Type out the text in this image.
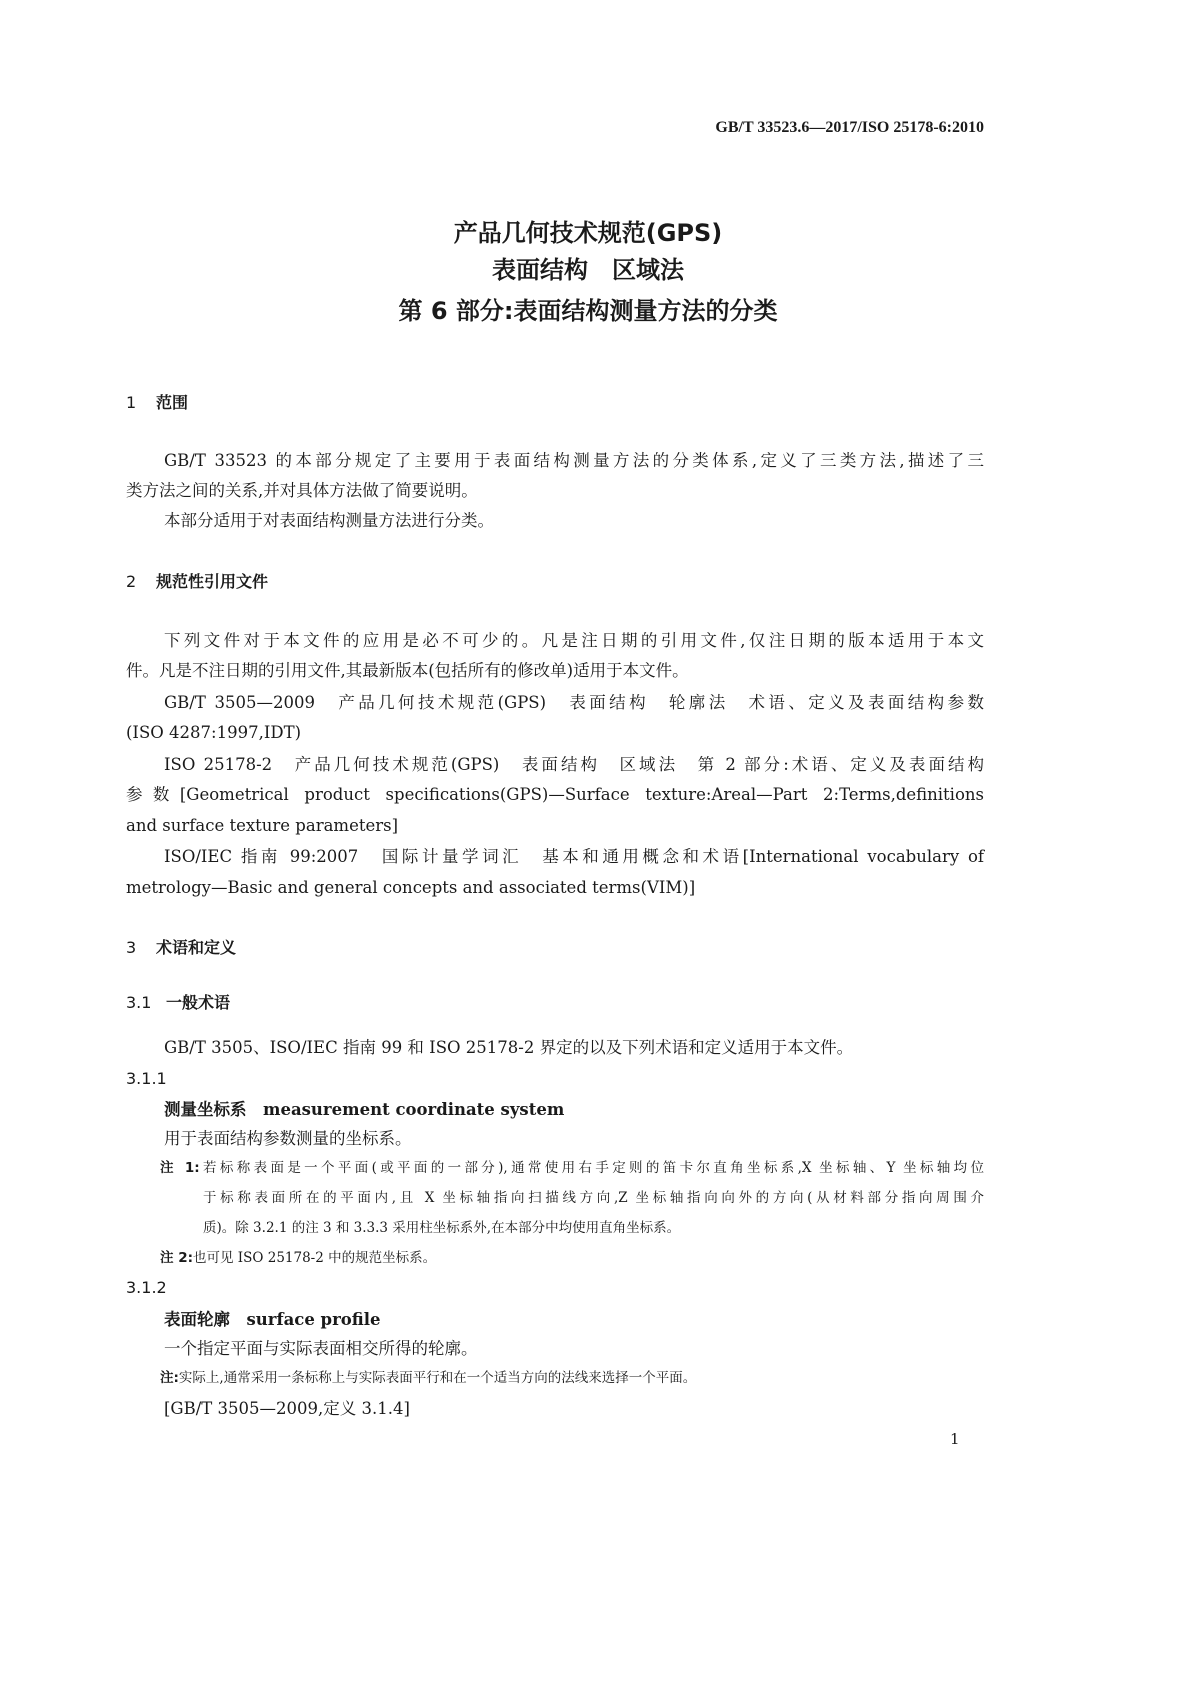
GB/T 33523.6—2017/ISO 25178-6:2010
产品几何技术规范(GPS)
表面结构　区域法
第 6 部分:表面结构测量方法的分类
1 范围
GB/T 33523 的本部分规定了主要用于表面结构测量方法的分类体系,定义了三类方法,描述了三
类方法之间的关系,并对具体方法做了简要说明。
本部分适用于对表面结构测量方法进行分类。
2 规范性引用文件
下列文件对于本文件的应用是必不可少的。凡是注日期的引用文件,仅注日期的版本适用于本文
件。凡是不注日期的引用文件,其最新版本(包括所有的修改单)适用于本文件。
GB/T 3505—2009　产品几何技术规范(GPS)　表面结构　轮廓法　术语、定义及表面结构参数
(ISO 4287:1997,IDT)
ISO 25178-2　产品几何技术规范(GPS)　表面结构　区域法　第 2 部分:术语、定义及表面结构
参数[Geometrical product specifications(GPS)—Surface texture:Areal—Part 2:Terms,definitions
and surface texture parameters]
ISO/IEC 指南 99:2007　国际计量学词汇　基本和通用概念和术语[International vocabulary of
metrology—Basic and general concepts and associated terms(VIM)]
3 术语和定义
3.1 一般术语
GB/T 3505、ISO/IEC 指南 99 和 ISO 25178-2 界定的以及下列术语和定义适用于本文件。
3.1.1
测量坐标系　measurement coordinate system
用于表面结构参数测量的坐标系。
注 1:若标称表面是一个平面(或平面的一部分),通常使用右手定则的笛卡尔直角坐标系,X 坐标轴、Y 坐标轴均位
于标称表面所在的平面内,且 X 坐标轴指向扫描线方向,Z 坐标轴指向向外的方向(从材料部分指向周围介
质)。除 3.2.1 的注 3 和 3.3.3 采用柱坐标系外,在本部分中均使用直角坐标系。
注 2:也可见 ISO 25178-2 中的规范坐标系。
3.1.2
表面轮廓　surface profile
一个指定平面与实际表面相交所得的轮廓。
注:实际上,通常采用一条标称上与实际表面平行和在一个适当方向的法线来选择一个平面。
[GB/T 3505—2009,定义 3.1.4]
1
